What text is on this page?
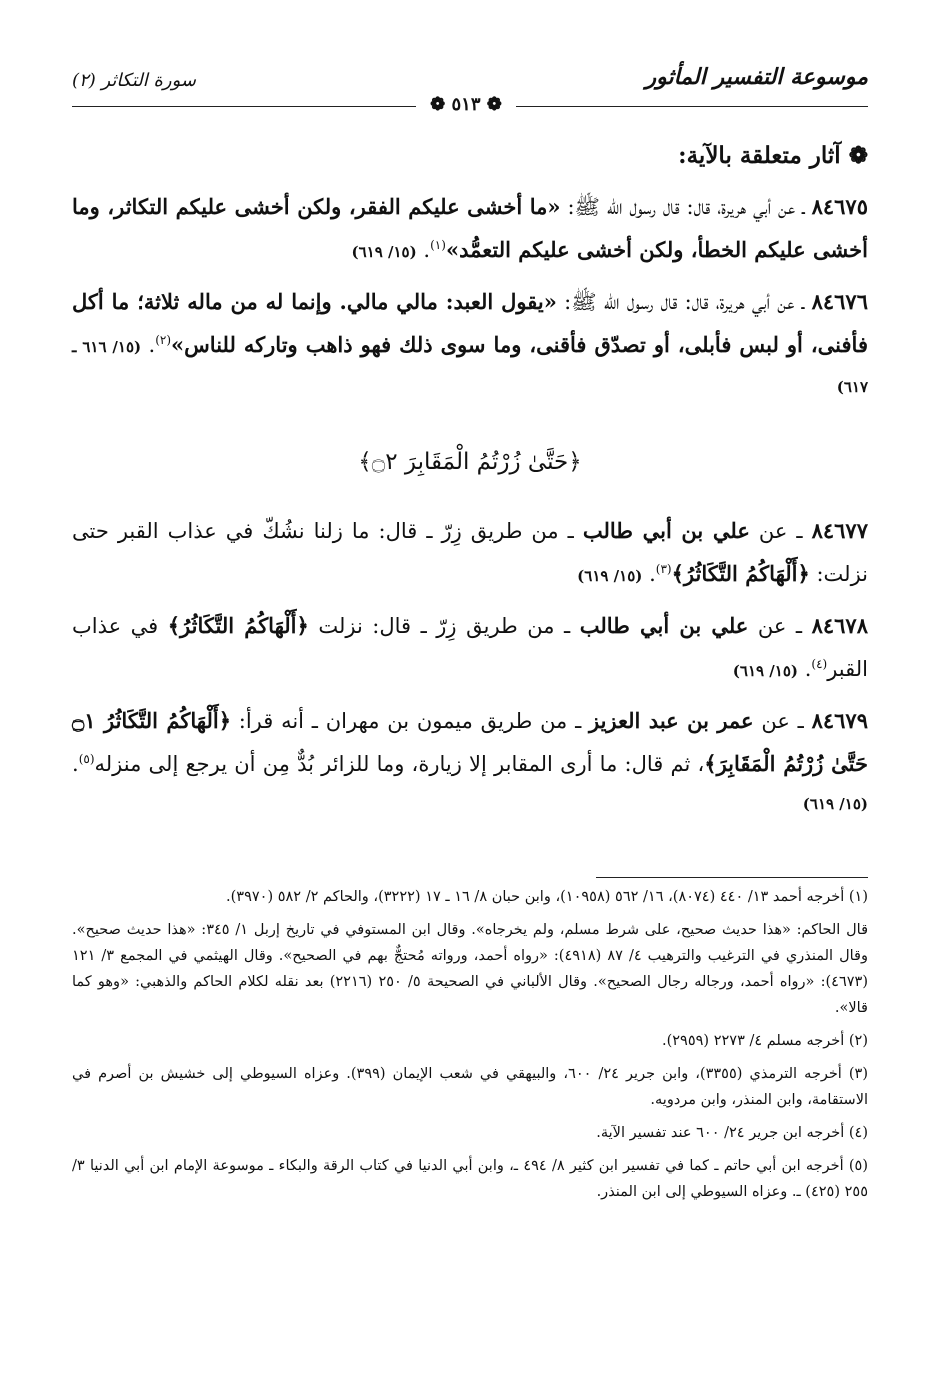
موسوعة التفسير المأثور
سورة التكاثر (٢)
❁ ٥١٣ ❁
❁ آثار متعلقة بالآية:

٨٤٦٧٥ ـ عن أبي هريرة، قال: قال رسول الله ﷺ: «ما أخشى عليكم الفقر، ولكن أخشى عليكم التكاثر، وما أخشى عليكم الخطأ، ولكن أخشى عليكم التعمُّد»$^{(١)}$. (١٥/ ٦١٩)

٨٤٦٧٦ ـ عن أبي هريرة، قال: قال رسول الله ﷺ: «يقول العبد: مالي مالي. وإنما له من ماله ثلاثة؛ ما أكل فأفنى، أو لبس فأبلى، أو تصدّق فأقنى، وما سوى ذلك فهو ذاهب وتاركه للناس»$^{(٢)}$. (١٥/ ٦١٦ ـ ٦١٧)

﴿حَتَّىٰ زُرْتُمُ الْمَقَابِرَ ۝٢﴾

٨٤٦٧٧ ـ عن علي بن أبي طالب ـ من طريق زِرّ ـ قال: ما زلنا نشُكّ في عذاب القبر حتى نزلت: ﴿أَلْهَاكُمُ التَّكَاثُرُ﴾$^{(٣)}$. (١٥/ ٦١٩)

٨٤٦٧٨ ـ عن علي بن أبي طالب ـ من طريق زِرّ ـ قال: نزلت ﴿أَلْهَاكُمُ التَّكَاثُرُ﴾ في عذاب القبر$^{(٤)}$. (١٥/ ٦١٩)

٨٤٦٧٩ ـ عن عمر بن عبد العزيز ـ من طريق ميمون بن مهران ـ أنه قرأ: ﴿أَلْهَاكُمُ التَّكَاثُرُ ۝١ حَتَّىٰ زُرْتُمُ الْمَقَابِرَ﴾، ثم قال: ما أرى المقابر إلا زيارة، وما للزائر بُدٌّ مِن أن يرجع إلى منزله$^{(٥)}$. (١٥/ ٦١٩)

(١) أخرجه أحمد ١٣/ ٤٤٠ (٨٠٧٤)، ١٦/ ٥٦٢ (١٠٩٥٨)، وابن حبان ٨/ ١٦ ـ ١٧ (٣٢٢٢)، والحاكم ٢/ ٥٨٢ (٣٩٧٠).

قال الحاكم: «هذا حديث صحيح، على شرط مسلم، ولم يخرجاه». وقال ابن المستوفي في تاريخ إربل ١/ ٣٤٥: «هذا حديث صحيح». وقال المنذري في الترغيب والترهيب ٤/ ٨٧ (٤٩١٨): «رواه أحمد، ورواته مُحتجٌّ بهم في الصحيح». وقال الهيثمي في المجمع ٣/ ١٢١ (٤٦٧٣): «رواه أحمد، ورجاله رجال الصحيح». وقال الألباني في الصحيحة ٥/ ٢٥٠ (٢٢١٦) بعد نقله لكلام الحاكم والذهبي: «وهو كما قالا».

(٢) أخرجه مسلم ٤/ ٢٢٧٣ (٢٩٥٩).

(٣) أخرجه الترمذي (٣٣٥٥)، وابن جرير ٢٤/ ٦٠٠، والبيهقي في شعب الإيمان (٣٩٩). وعزاه السيوطي إلى خشيش بن أصرم في الاستقامة، وابن المنذر، وابن مردويه.

(٤) أخرجه ابن جرير ٢٤/ ٦٠٠ عند تفسير الآية.

(٥) أخرجه ابن أبي حاتم ـ كما في تفسير ابن كثير ٨/ ٤٩٤ ـ، وابن أبي الدنيا في كتاب الرقة والبكاء ـ موسوعة الإمام ابن أبي الدنيا ٣/ ٢٥٥ (٤٢٥) ـ. وعزاه السيوطي إلى ابن المنذر.
